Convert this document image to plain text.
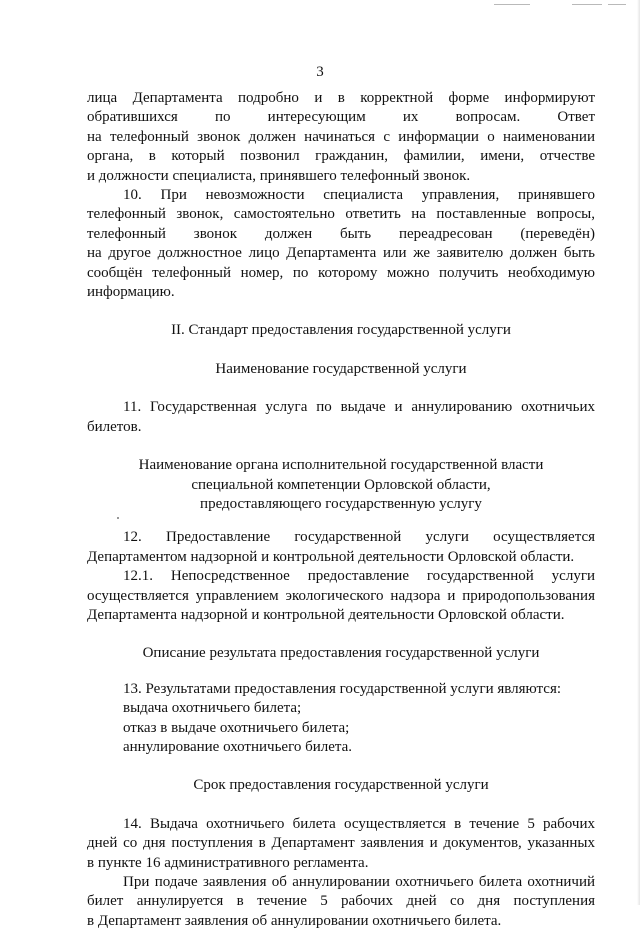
3

лица Департамента подробно и в корректной форме информируют

обратившихся по интересующим их вопросам. Ответ

на телефонный звонок должен начинаться с информации о наименовании

органа, в который позвонил гражданин, фамилии, имени, отчестве

и должности специалиста, принявшего телефонный звонок.

10. При невозможности специалиста управления, принявшего

телефонный звонок, самостоятельно ответить на поставленные вопросы,

телефонный звонок должен быть переадресован (переведён)

на другое должностное лицо Департамента или же заявителю должен быть

сообщён телефонный номер, по которому можно получить необходимую

информацию.

II. Стандарт предоставления государственной услуги

Наименование государственной услуги

11. Государственная услуга по выдаче и аннулированию охотничьих

билетов.

Наименование органа исполнительной государственной власти

специальной компетенции Орловской области,

предоставляющего государственную услугу

12. Предоставление государственной услуги осуществляется

Департаментом надзорной и контрольной деятельности Орловской области.

12.1. Непосредственное предоставление государственной услуги

осуществляется управлением экологического надзора и природопользования

Департамента надзорной и контрольной деятельности Орловской области.

Описание результата предоставления государственной услуги

13. Результатами предоставления государственной услуги являются:

выдача охотничьего билета;

отказ в выдаче охотничьего билета;

аннулирование охотничьего билета.

Срок предоставления государственной услуги

14. Выдача охотничьего билета осуществляется в течение 5 рабочих

дней со дня поступления в Департамент заявления и документов, указанных

в пункте 16 административного регламента.

При подаче заявления об аннулировании охотничьего билета охотничий

билет аннулируется в течение 5 рабочих дней со дня поступления

в Департамент заявления об аннулировании охотничьего билета.
